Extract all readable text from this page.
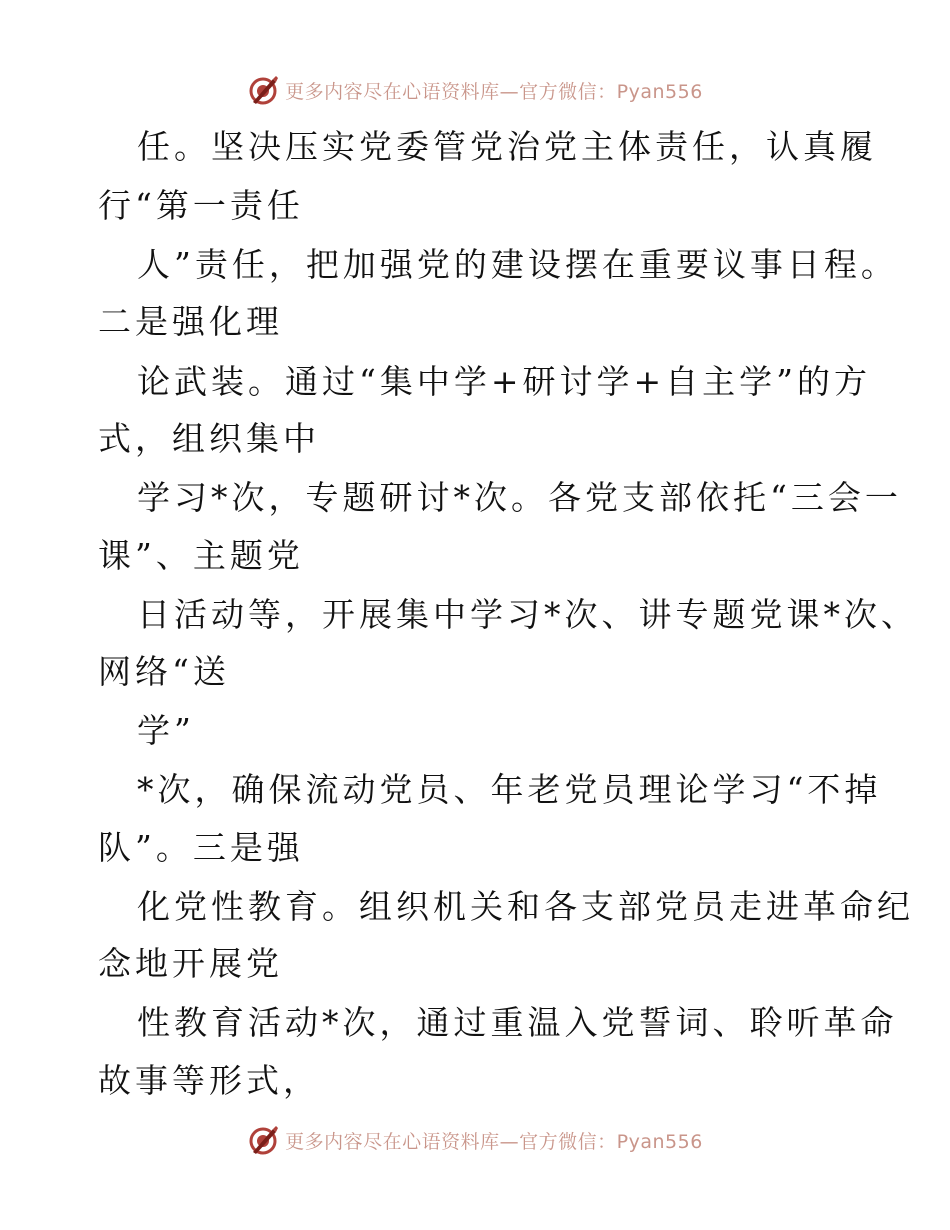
更多内容尽在心语资料库—官方微信：Pyan556
任。坚决压实党委管党治党主体责任，认真履
行“第一责任
人”责任，把加强党的建设摆在重要议事日程。
二是强化理
论武装。通过“集中学+研讨学+自主学”的方
式，组织集中
学习*次，专题研讨*次。各党支部依托“三会一
课”、主题党
日活动等，开展集中学习*次、讲专题党课*次、
网络“送
学”
*次，确保流动党员、年老党员理论学习“不掉
队”。三是强
化党性教育。组织机关和各支部党员走进革命纪
念地开展党
性教育活动*次，通过重温入党誓词、聆听革命
故事等形式，
更多内容尽在心语资料库—官方微信：Pyan556
